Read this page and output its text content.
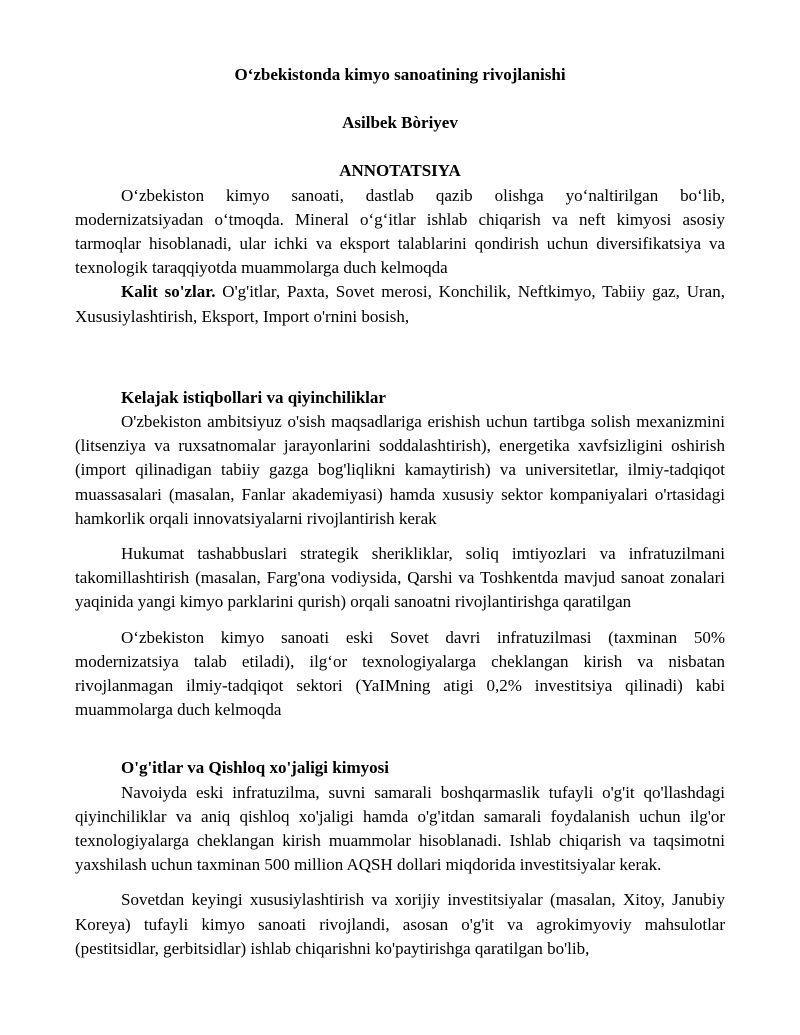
O‘zbekistonda kimyo sanoatining rivojlanishi

Asilbek Bòriyev

ANNOTATSIYA

O‘zbekiston kimyo sanoati, dastlab qazib olishga yo‘naltirilgan bo‘lib, modernizatsiyadan o‘tmoqda. Mineral o‘g‘itlar ishlab chiqarish va neft kimyosi asosiy tarmoqlar hisoblanadi, ular ichki va eksport talablarini qondirish uchun diversifikatsiya va texnologik taraqqiyotda muammolarga duch kelmoqda

Kalit so'zlar. O'g'itlar, Paxta, Sovet merosi, Konchilik, Neftkimyo, Tabiiy gaz, Uran, Xususiylashtirish, Eksport, Import o'rnini bosish,

Kelajak istiqbollari va qiyinchiliklar

O'zbekiston ambitsiyuz o'sish maqsadlariga erishish uchun tartibga solish mexanizmini (litsenziya va ruxsatnomalar jarayonlarini soddalashtirish), energetika xavfsizligini oshirish (import qilinadigan tabiiy gazga bog'liqlikni kamaytirish) va universitetlar, ilmiy-tadqiqot muassasalari (masalan, Fanlar akademiyasi) hamda xususiy sektor kompaniyalari o'rtasidagi hamkorlik orqali innovatsiyalarni rivojlantirish kerak

Hukumat tashabbuslari strategik sherikliklar, soliq imtiyozlari va infratuzilmani takomillashtirish (masalan, Farg'ona vodiysida, Qarshi va Toshkentda mavjud sanoat zonalari yaqinida yangi kimyo parklarini qurish) orqali sanoatni rivojlantirishga qaratilgan

O‘zbekiston kimyo sanoati eski Sovet davri infratuzilmasi (taxminan 50% modernizatsiya talab etiladi), ilg‘or texnologiyalarga cheklangan kirish va nisbatan rivojlanmagan ilmiy-tadqiqot sektori (YaIMning atigi 0,2% investitsiya qilinadi) kabi muammolarga duch kelmoqda

O'g'itlar va Qishloq xo'jaligi kimyosi

Navoiyda eski infratuzilma, suvni samarali boshqarmaslik tufayli o'g'it qo'llashdagi qiyinchiliklar va aniq qishloq xo'jaligi hamda o'g'itdan samarali foydalanish uchun ilg'or texnologiyalarga cheklangan kirish muammolar hisoblanadi. Ishlab chiqarish va taqsimotni yaxshilash uchun taxminan 500 million AQSH dollari miqdorida investitsiyalar kerak.

Sovetdan keyingi xususiylashtirish va xorijiy investitsiyalar (masalan, Xitoy, Janubiy Koreya) tufayli kimyo sanoati rivojlandi, asosan o'g'it va agrokimyoviy mahsulotlar (pestitsidlar, gerbitsidlar) ishlab chiqarishni ko'paytirishga qaratilgan bo'lib,
